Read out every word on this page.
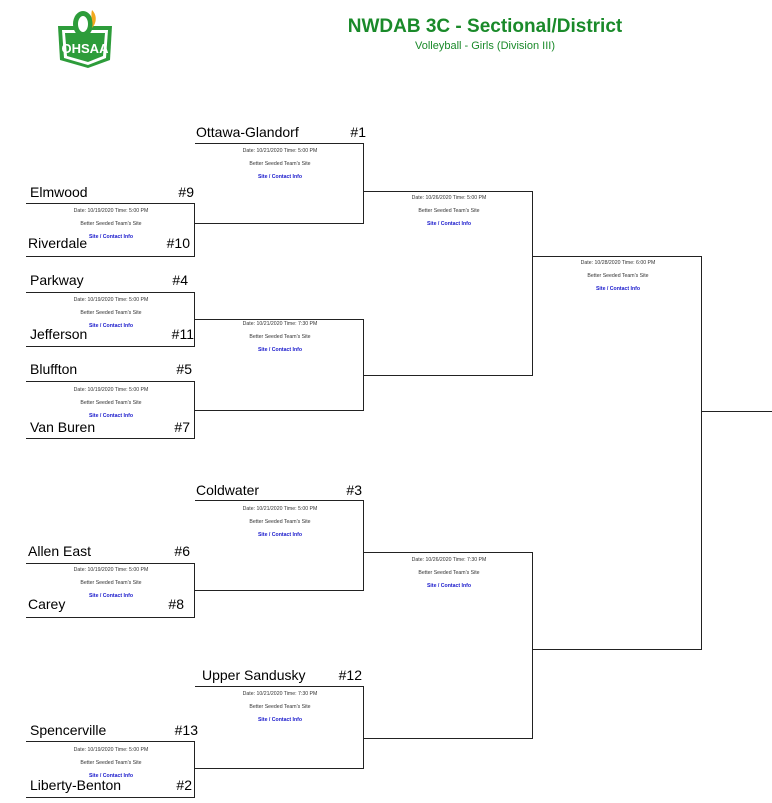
OHSAA
NWDAB 3C - Sectional/District
Volleyball - Girls (Division III)
Ottawa-Glandorf	#1
Elmwood	#9
Riverdale	#10
Parkway	#4
Jefferson	#11
Bluffton	#5
Van Buren	#7
Coldwater	#3
Allen East	#6
Carey	#8
Upper Sandusky	#12
Spencerville	#13
Liberty-Benton	#2
Date: 10/21/2020 Time: 5:00 PM
Better Seeded Team's Site
Site / Contact Info
Date: 10/19/2020 Time: 5:00 PM
Better Seeded Team's Site
Site / Contact Info
Date: 10/19/2020 Time: 5:00 PM
Better Seeded Team's Site
Site / Contact Info
Date: 10/19/2020 Time: 5:00 PM
Better Seeded Team's Site
Site / Contact Info
Date: 10/21/2020 Time: 7:30 PM
Better Seeded Team's Site
Site / Contact Info
Date: 10/26/2020 Time: 5:00 PM
Better Seeded Team's Site
Site / Contact Info
Date: 10/28/2020 Time: 6:00 PM
Better Seeded Team's Site
Site / Contact Info
Date: 10/21/2020 Time: 5:00 PM
Better Seeded Team's Site
Site / Contact Info
Date: 10/19/2020 Time: 5:00 PM
Better Seeded Team's Site
Site / Contact Info
Date: 10/26/2020 Time: 7:30 PM
Better Seeded Team's Site
Site / Contact Info
Date: 10/21/2020 Time: 7:30 PM
Better Seeded Team's Site
Site / Contact Info
Date: 10/19/2020 Time: 5:00 PM
Better Seeded Team's Site
Site / Contact Info
